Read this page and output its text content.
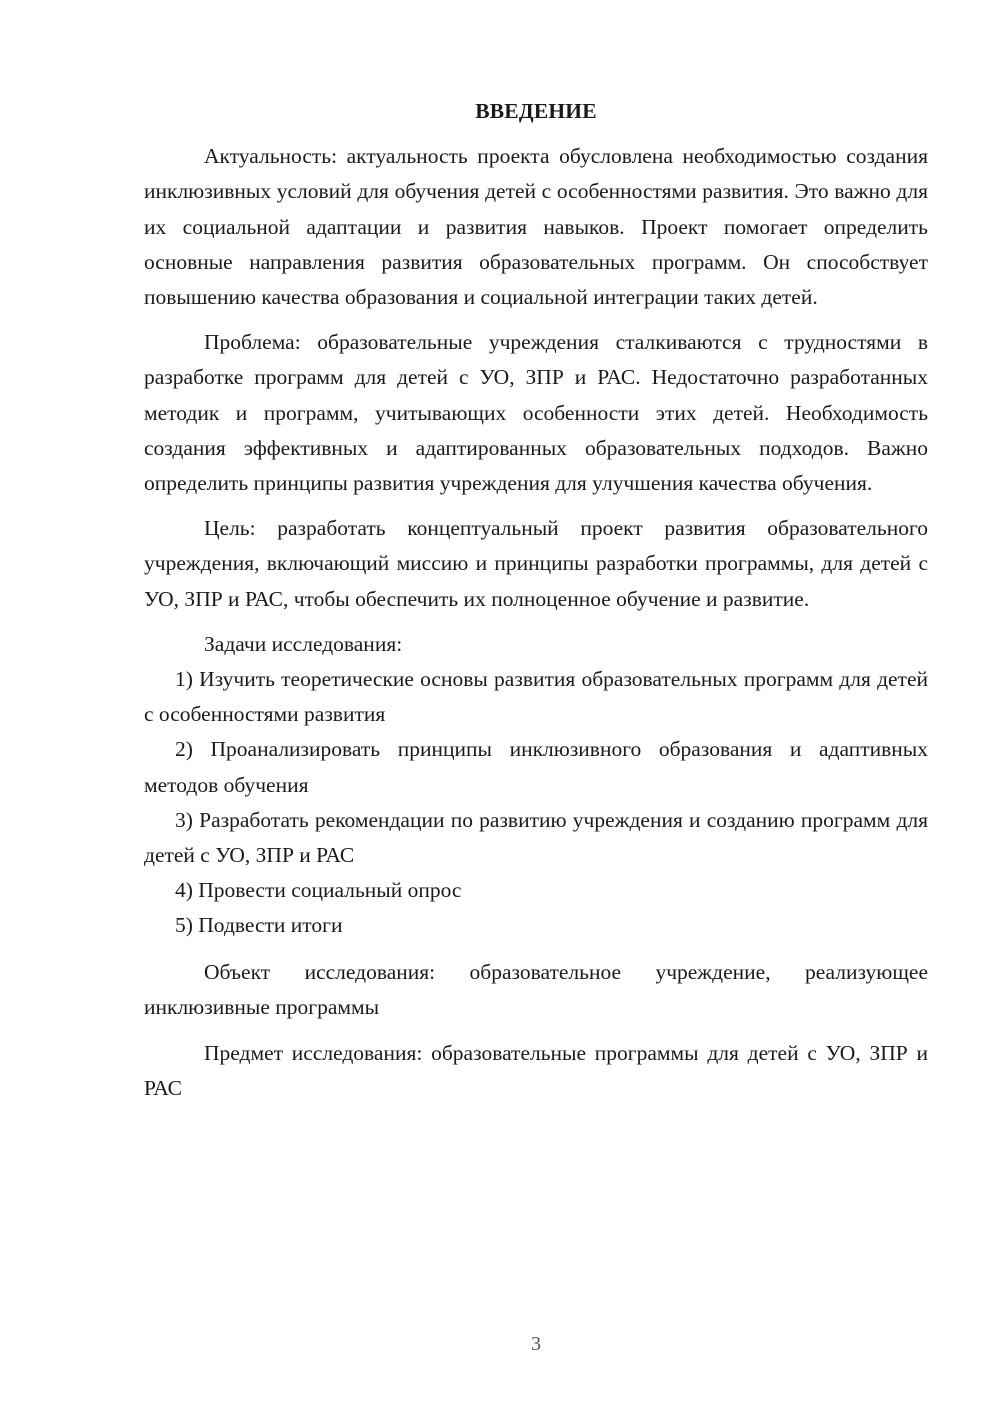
ВВЕДЕНИЕ

Актуальность: актуальность проекта обусловлена необходимостью создания инклюзивных условий для обучения детей с особенностями развития. Это важно для их социальной адаптации и развития навыков. Проект помогает определить основные направления развития образовательных программ. Он способствует повышению качества образования и социальной интеграции таких детей.

Проблема: образовательные учреждения сталкиваются с трудностями в разработке программ для детей с УО, ЗПР и РАС. Недостаточно разработанных методик и программ, учитывающих особенности этих детей. Необходимость создания эффективных и адаптированных образовательных подходов. Важно определить принципы развития учреждения для улучшения качества обучения.

Цель: разработать концептуальный проект развития образовательного учреждения, включающий миссию и принципы разработки программы, для детей с УО, ЗПР и РАС, чтобы обеспечить их полноценное обучение и развитие.

Задачи исследования:

1) Изучить теоретические основы развития образовательных программ для детей с особенностями развития

2) Проанализировать принципы инклюзивного образования и адаптивных методов обучения

3) Разработать рекомендации по развитию учреждения и созданию программ для детей с УО, ЗПР и РАС

4) Провести социальный опрос

5) Подвести итоги

Объект исследования: образовательное учреждение, реализующее инклюзивные программы

Предмет исследования: образовательные программы для детей с УО, ЗПР и РАС

3
